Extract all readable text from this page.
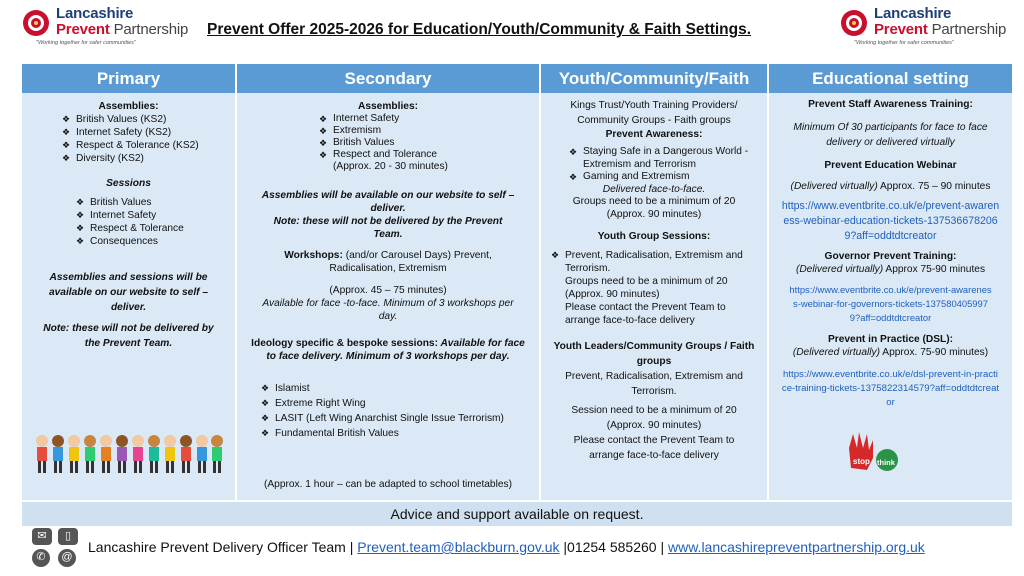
Lancashire
Prevent Partnership
"Working together for safer communities"
Prevent Offer 2025-2026 for Education/Youth/Community & Faith Settings.
Lancashire
Prevent Partnership
"Working together for safer communities"
Primary
Assemblies:
❖ British Values (KS2)
❖ Internet Safety (KS2)
❖ Respect & Tolerance (KS2)
❖ Diversity (KS2)
Sessions
❖ British Values
❖ Internet Safety
❖ Respect & Tolerance
❖ Consequences
Assemblies and sessions will be available on our website to self – deliver.
Note: these will not be delivered by the Prevent Team.
Secondary
Assemblies:
❖ Internet Safety
❖ Extremism
❖ British Values
❖ Respect and Tolerance
(Approx. 20 - 30 minutes)
Assemblies will be available on our website to self – deliver.
Note: these will not be delivered by the Prevent Team.
Workshops: (and/or Carousel Days) Prevent, Radicalisation, Extremism
(Approx. 45 – 75 minutes)
Available for face -to-face. Minimum of 3 workshops per day.
Ideology specific & bespoke sessions: Available for face to face delivery. Minimum of 3 workshops per day.
❖ Islamist
❖ Extreme Right Wing
❖ LASIT (Left Wing Anarchist Single Issue Terrorism)
❖ Fundamental British Values
(Approx. 1 hour – can be adapted to school timetables)
Youth/Community/Faith
Kings Trust/Youth Training Providers/ Community Groups - Faith groups
Prevent Awareness:
❖ Staying Safe in a Dangerous World - Extremism and Terrorism
❖ Gaming and Extremism
Delivered face-to-face.
Groups need to be a minimum of 20
(Approx. 90 minutes)
Youth Group Sessions:
❖ Prevent, Radicalisation, Extremism and Terrorism.
Groups need to be a minimum of 20
(Approx. 90 minutes)
Please contact the Prevent Team to arrange face-to-face delivery
Youth Leaders/Community Groups / Faith groups
Prevent, Radicalisation, Extremism and Terrorism.
Session need to be a minimum of 20
(Approx. 90 minutes)
Please contact the Prevent Team to arrange face-to-face delivery
Educational setting
Prevent Staff Awareness Training:
Minimum Of 30 participants for face to face delivery or delivered virtually
Prevent Education Webinar
(Delivered virtually) Approx. 75 – 90 minutes
https://www.eventbrite.co.uk/e/prevent-awareness-webinar-education-tickets-1375366782069?aff=oddtdtcreator
Governor Prevent Training:
(Delivered virtually) Approx 75-90 minutes
https://www.eventbrite.co.uk/e/prevent-awareness-webinar-for-governors-tickets-1375804059979?aff=oddtdtcreator
Prevent in Practice (DSL):
(Delivered virtually) Approx. 75-90 minutes)
https://www.eventbrite.co.uk/e/dsl-prevent-in-practice-training-tickets-1375822314579?aff=oddtdtcreator
stop think
Advice and support available on request.
✉	▯
✆	@
Lancashire Prevent Delivery Officer Team | Prevent.team@blackburn.gov.uk |01254 585260 | www.lancashirepreventpartnership.org.uk
